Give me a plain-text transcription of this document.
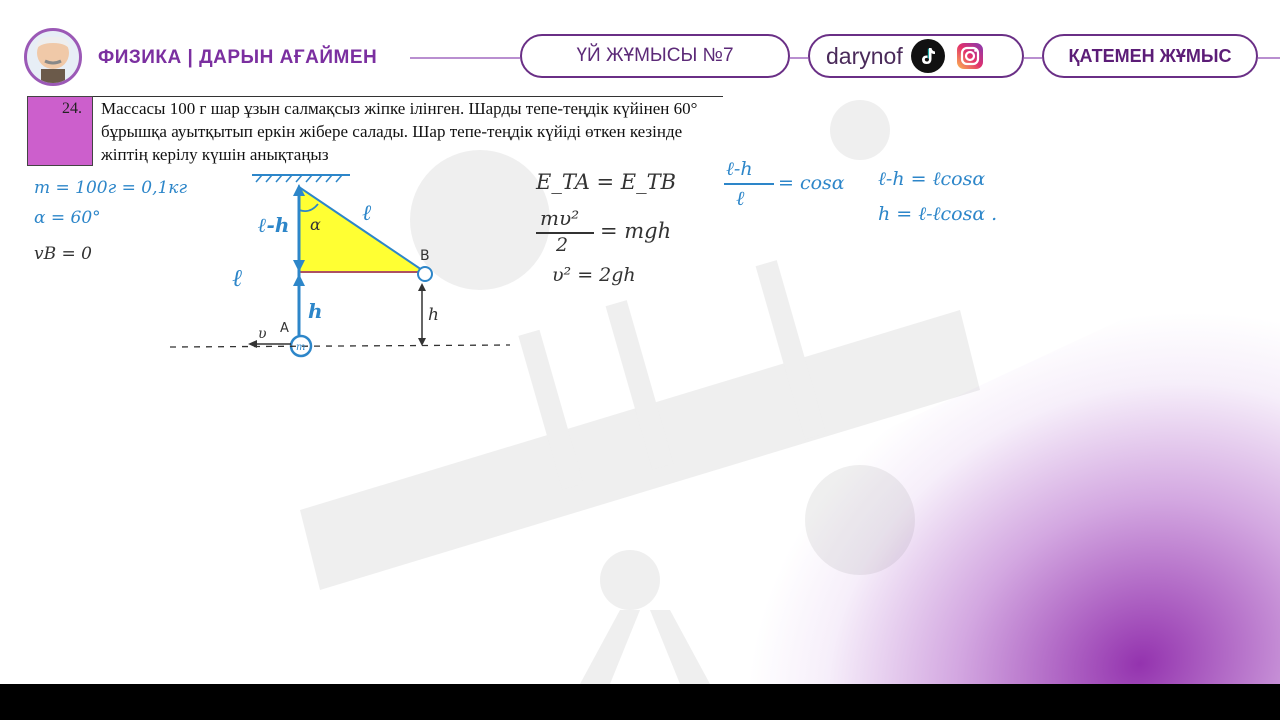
ФИЗИКА | ДАРЫН АҒАЙМЕН	ҮЙ ЖҰМЫСЫ №7	darynof	ҚАТЕМЕН ЖҰМЫС
24. Массасы 100 г шар ұзын салмақсыз жіпке ілінген. Шарды тепе-теңдік күйінен 60° бұрышқа ауытқытып еркін жібере салады. Шар тепе-теңдік күйіді өткен кезінде жіптің керілу күшін анықтаңыз
m = 100г = 0,1кг
α = 60°
vB = 0
ℓ-h α ℓ
ℓ
h	h
B
A
υ
m
E_TA = E_TB
mυ²
2
= mgh
υ² = 2gh
ℓ-h
ℓ
= cosα ℓ-h = ℓcosα
h = ℓ-ℓcosα .
